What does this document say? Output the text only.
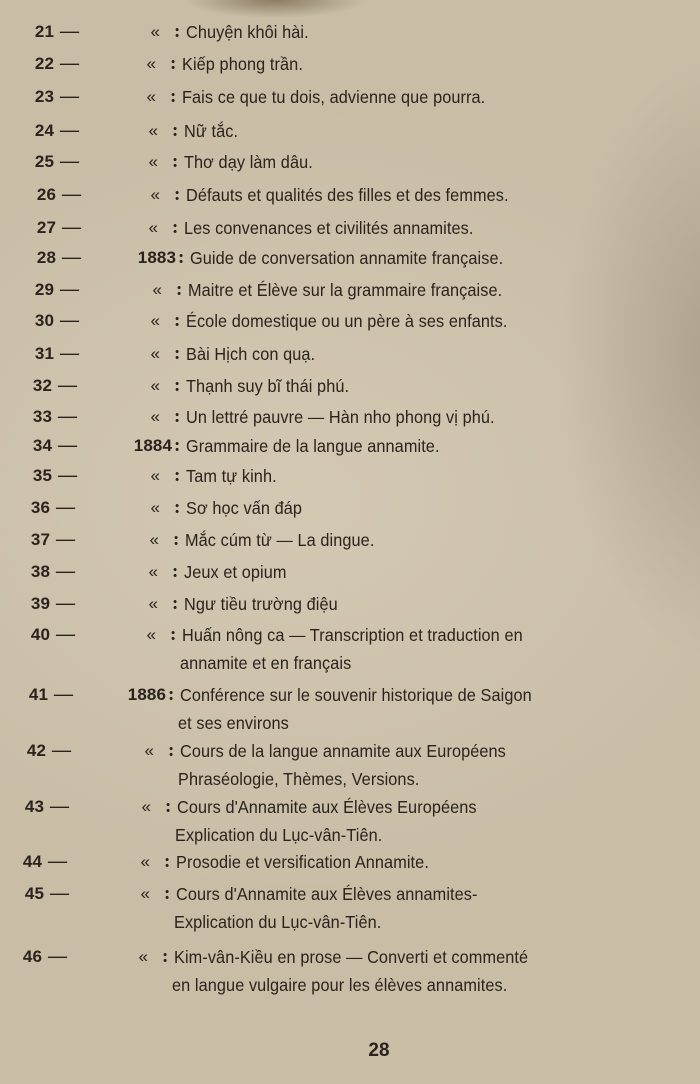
21 —	« : Chuyện khôi hài.
22 —	« : Kiếp phong trần.
23 —	« : Fais ce que tu dois, advienne que pourra.
24 —	« : Nữ tắc.
25 —	« : Thơ dạy làm dâu.
26 —	« : Défauts et qualités des filles et des femmes.
27 —	« : Les convenances et civilités annamites.
28 —	1883 : Guide de conversation annamite française.
29 —	« : Maitre et Élève sur la grammaire française.
30 —	« : École domestique ou un père à ses enfants.
31 —	« : Bài Hịch con quạ.
32 —	« : Thạnh suy bĩ thái phú.
33 —	« : Un lettré pauvre — Hàn nho phong vị phú.
34 —	1884 : Grammaire de la langue annamite.
35 —	« : Tam tự kinh.
36 —	« : Sơ học vấn đáp
37 —	« : Mắc cúm từ — La dingue.
38 —	« : Jeux et opium
39 —	« : Ngư tiều trường điệu
40 —	« : Huấn nông ca — Transcription et traduction en
annamite et en français
41 —	1886 : Conférence sur le souvenir historique de Saigon
et ses environs
42 —	« : Cours de la langue annamite aux Européens
Phraséologie, Thèmes, Versions.
43 —	« : Cours d'Annamite aux Élèves Européens
Explication du Lục-vân-Tiên.
44 —	« : Prosodie et versification Annamite.
45 —	« : Cours d'Annamite aux Élèves annamites-
Explication du Lục-vân-Tiên.
46 —	« : Kim-vân-Kiều en prose — Converti et commenté
en langue vulgaire pour les élèves annamites.
28
